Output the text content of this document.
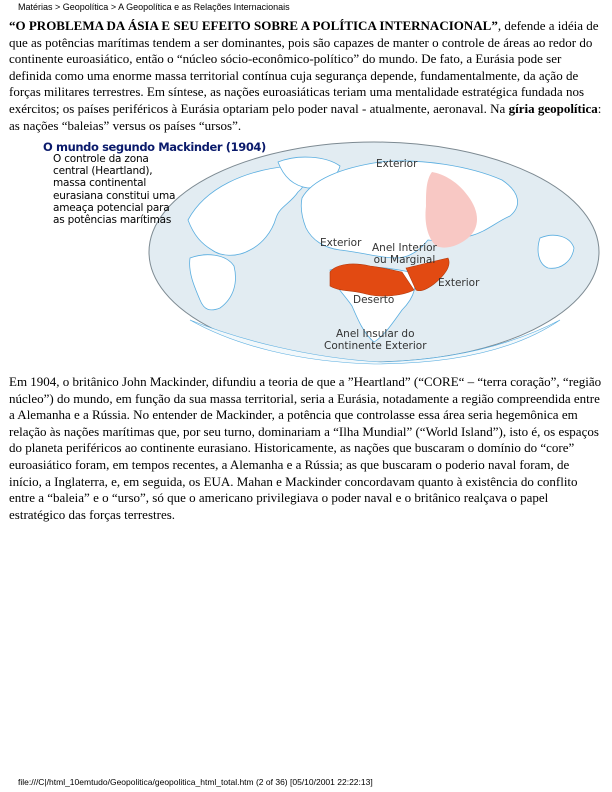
Matérias > Geopolítica > A Geopolítica e as Relações Internacionais

“O PROBLEMA DA ÁSIA E SEU EFEITO SOBRE A POLÍTICA INTERNACIONAL”, defende a idéia de que as potências marítimas tendem a ser dominantes, pois são capazes de manter o controle de áreas ao redor do continente euroasiático, então o “núcleo sócio-econômico-político” do mundo. De fato, a Eurásia pode ser definida como uma enorme massa territorial contínua cuja segurança depende, fundamentalmente, da ação de forças militares terrestres. Em síntese, as nações euroasiáticas teriam uma mentalidade estratégica fundada nos exércitos; os países periféricos à Eurásia optariam pelo poder naval - atualmente, aeronaval. Na gíria geopolítica: as nações “baleias” versus os países “ursos”.

O mundo segundo Mackinder (1904)
O controle da zona central (Heartland), massa continental eurasiana constitui uma ameaça potencial para as potências marítimas
Exterior
Exterior
Exterior
Anel Interior
ou Marginal
Deserto
Anel Insular do
Continente Exterior

Em 1904, o britânico John Mackinder, difundiu a teoria de que a ”Heartland” (“CORE“ – “terra coração”, “região núcleo”) do mundo, em função da sua massa territorial, seria a Eurásia, notadamente a região compreendida entre a Alemanha e a Rússia. No entender de Mackinder, a potência que controlasse essa área seria hegemônica em relação às nações marítimas que, por seu turno, dominariam a “Ilha Mundial” (“World Island”), isto é, os espaços do planeta periféricos ao continente eurasiano. Historicamente, as nações que buscaram o domínio do “core” euroasiático foram, em tempos recentes, a Alemanha e a Rússia; as que buscaram o poderio naval foram, de início, a Inglaterra, e, em seguida, os EUA. Mahan e Mackinder concordavam quanto à existência do conflito entre a “baleia” e o “urso”, só que o americano privilegiava o poder naval e o britânico realçava o papel estratégico das forças terrestres.

file:///C|/html_10emtudo/Geopolitica/geopolitica_html_total.htm (2 of 36) [05/10/2001 22:22:13]
